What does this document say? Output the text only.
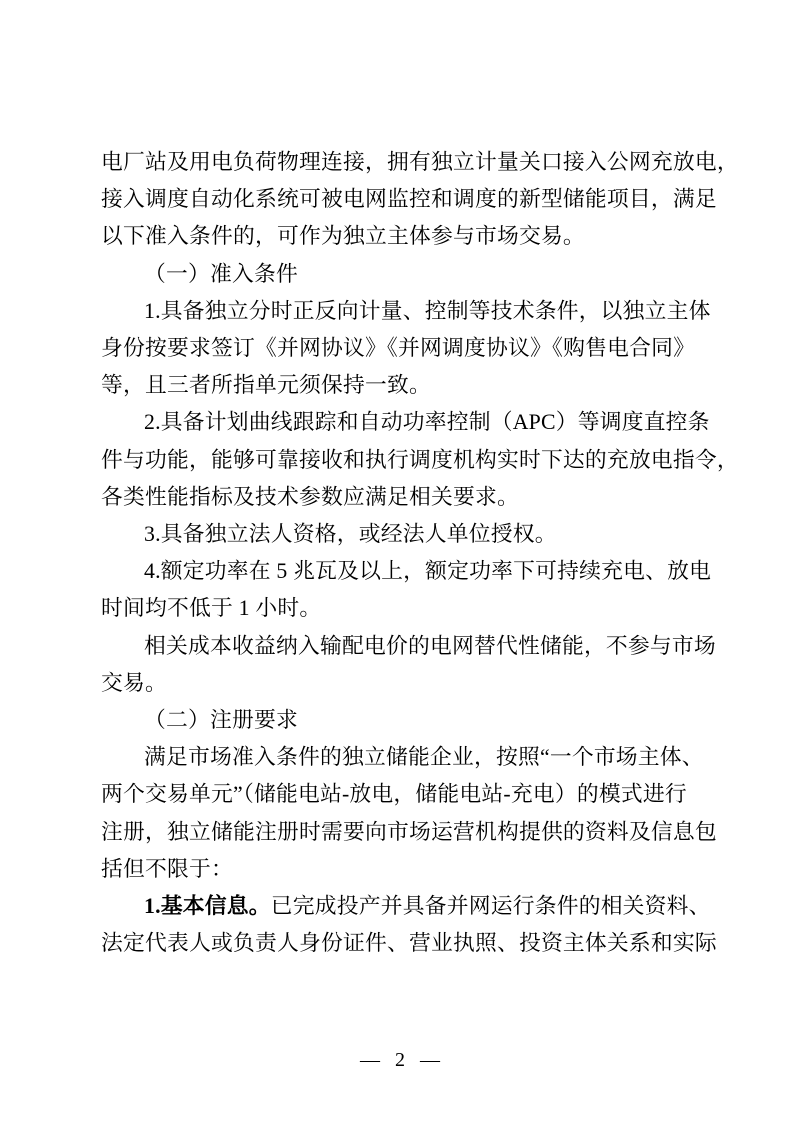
电厂站及用电负荷物理连接，拥有独立计量关口接入公网充放电，
接入调度自动化系统可被电网监控和调度的新型储能项目，满足
以下准入条件的，可作为独立主体参与市场交易。
（一）准入条件
1.具备独立分时正反向计量、控制等技术条件，以独立主体
身份按要求签订《并网协议》《并网调度协议》《购售电合同》
等，且三者所指单元须保持一致。
2.具备计划曲线跟踪和自动功率控制（APC）等调度直控条
件与功能，能够可靠接收和执行调度机构实时下达的充放电指令，
各类性能指标及技术参数应满足相关要求。
3.具备独立法人资格，或经法人单位授权。
4.额定功率在 5 兆瓦及以上，额定功率下可持续充电、放电
时间均不低于 1 小时。
相关成本收益纳入输配电价的电网替代性储能，不参与市场
交易。
（二）注册要求
满足市场准入条件的独立储能企业，按照“一个市场主体、
两个交易单元”（储能电站-放电，储能电站-充电）的模式进行
注册，独立储能注册时需要向市场运营机构提供的资料及信息包
括但不限于：
1.基本信息。已完成投产并具备并网运行条件的相关资料、
法定代表人或负责人身份证件、营业执照、投资主体关系和实际
— 2 —
